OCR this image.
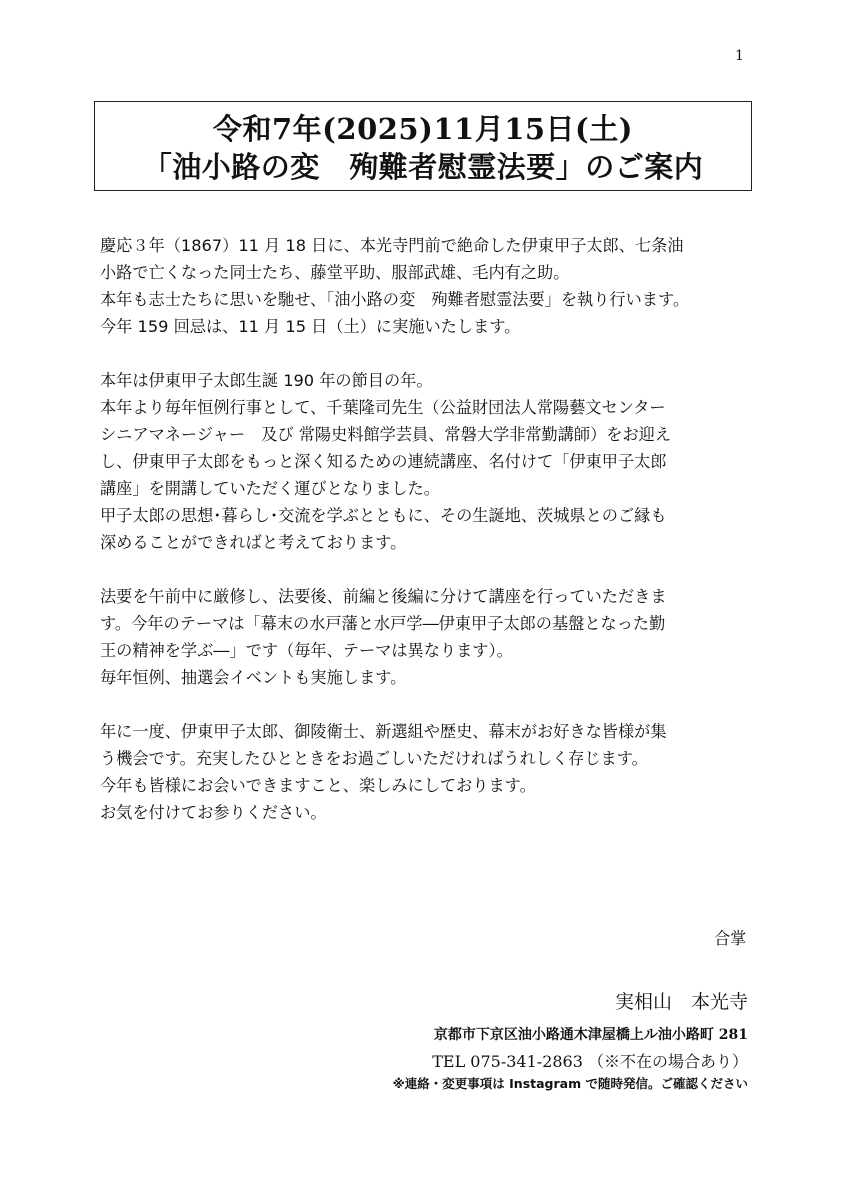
1
令和7年(2025)11月15日(土)
「油小路の変　殉難者慰霊法要」のご案内
慶応３年（1867）11 月 18 日に、本光寺門前で絶命した伊東甲子太郎、七条油
小路で亡くなった同士たち、藤堂平助、服部武雄、毛内有之助。
本年も志士たちに思いを馳せ、「油小路の変　殉難者慰霊法要」を執り行います。
今年 159 回忌は、11 月 15 日（土）に実施いたします。
本年は伊東甲子太郎生誕 190 年の節目の年。
本年より毎年恒例行事として、千葉隆司先生（公益財団法人常陽藝文センター
シニアマネージャー　及び 常陽史料館学芸員、常磐大学非常勤講師）をお迎え
し、伊東甲子太郎をもっと深く知るための連続講座、名付けて「伊東甲子太郎
講座」を開講していただく運びとなりました。
甲子太郎の思想･暮らし･交流を学ぶとともに、その生誕地、茨城県とのご縁も
深めることができればと考えております。
法要を午前中に厳修し、法要後、前編と後編に分けて講座を行っていただきま
す。今年のテーマは「幕末の水戸藩と水戸学―伊東甲子太郎の基盤となった勤
王の精神を学ぶ―」です（毎年、テーマは異なります）。
毎年恒例、抽選会イベントも実施します。
年に一度、伊東甲子太郎、御陵衛士、新選組や歴史、幕末がお好きな皆様が集
う機会です。充実したひとときをお過ごしいただければうれしく存じます。
今年も皆様にお会いできますこと、楽しみにしております。
お気を付けてお参りください。
合掌
実相山　本光寺
京都市下京区油小路通木津屋橋上ル油小路町 281
TEL 075-341-2863 （※不在の場合あり）
※連絡・変更事項は Instagram で随時発信。ご確認ください
